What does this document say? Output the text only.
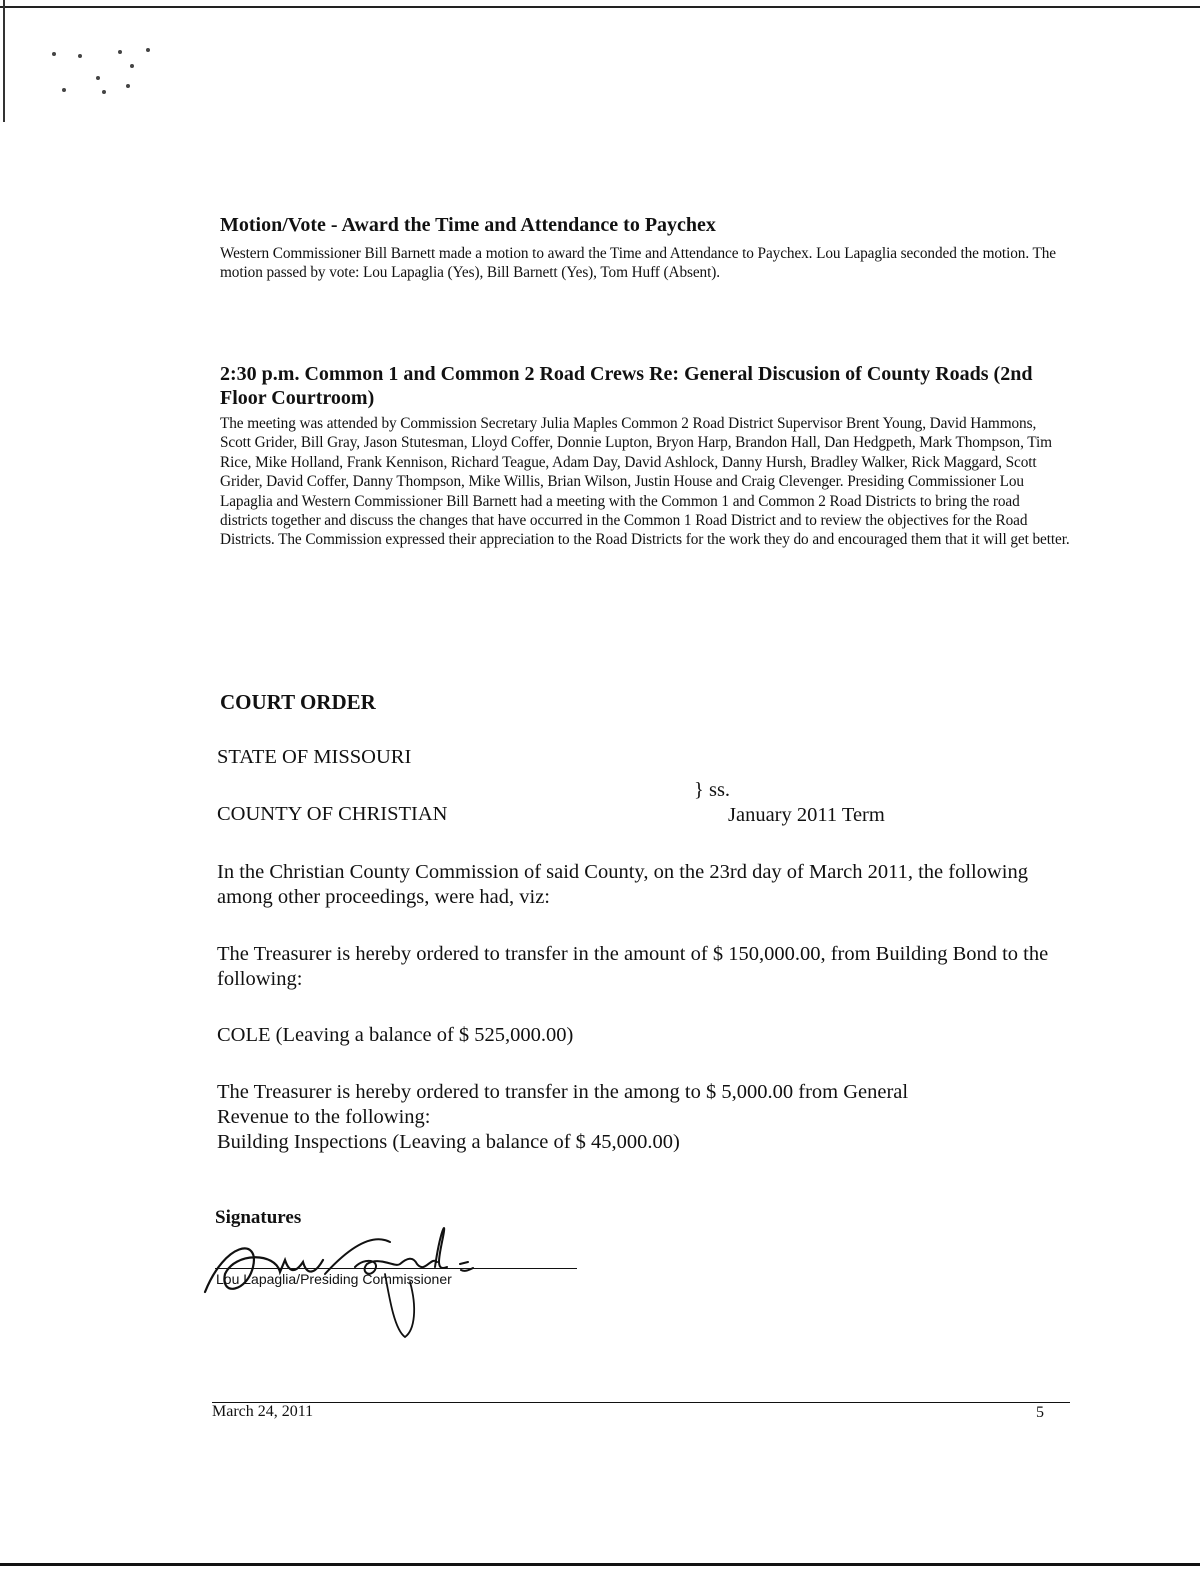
Motion/Vote - Award the Time and Attendance to Paychex

Western Commissioner Bill Barnett made a motion to award the Time and Attendance to Paychex. Lou Lapaglia seconded the motion. The motion passed by vote: Lou Lapaglia (Yes), Bill Barnett (Yes), Tom Huff (Absent).

2:30 p.m. Common 1 and Common 2 Road Crews Re: General Discusion of County Roads (2nd Floor Courtroom)

The meeting was attended by Commission Secretary Julia Maples Common 2 Road District Supervisor Brent Young, David Hammons, Scott Grider, Bill Gray, Jason Stutesman, Lloyd Coffer, Donnie Lupton, Bryon Harp, Brandon Hall, Dan Hedgpeth, Mark Thompson, Tim Rice, Mike Holland, Frank Kennison, Richard Teague, Adam Day, David Ashlock, Danny Hursh, Bradley Walker, Rick Maggard, Scott Grider, David Coffer, Danny Thompson, Mike Willis, Brian Wilson, Justin House and Craig Clevenger. Presiding Commissioner Lou Lapaglia and Western Commissioner Bill Barnett had a meeting with the Common 1 and Common 2 Road Districts to bring the road districts together and discuss the changes that have occurred in the Common 1 Road District and to review the objectives for the Road Districts. The Commission expressed their appreciation to the Road Districts for the work they do and encouraged them that it will get better.

COURT ORDER

STATE OF MISSOURI

} ss.

COUNTY OF CHRISTIAN	January 2011 Term

In the Christian County Commission of said County, on the 23rd day of March 2011, the following among other proceedings, were had, viz:

The Treasurer is hereby ordered to transfer in the amount of $ 150,000.00, from Building Bond to the following:

COLE (Leaving a balance of $ 525,000.00)

The Treasurer is hereby ordered to transfer in the among to $ 5,000.00 from General
Revenue to the following:
Building Inspections (Leaving a balance of $ 45,000.00)
Signatures
Lou Lapaglia/Presiding Commissioner
March 24, 2011	5
